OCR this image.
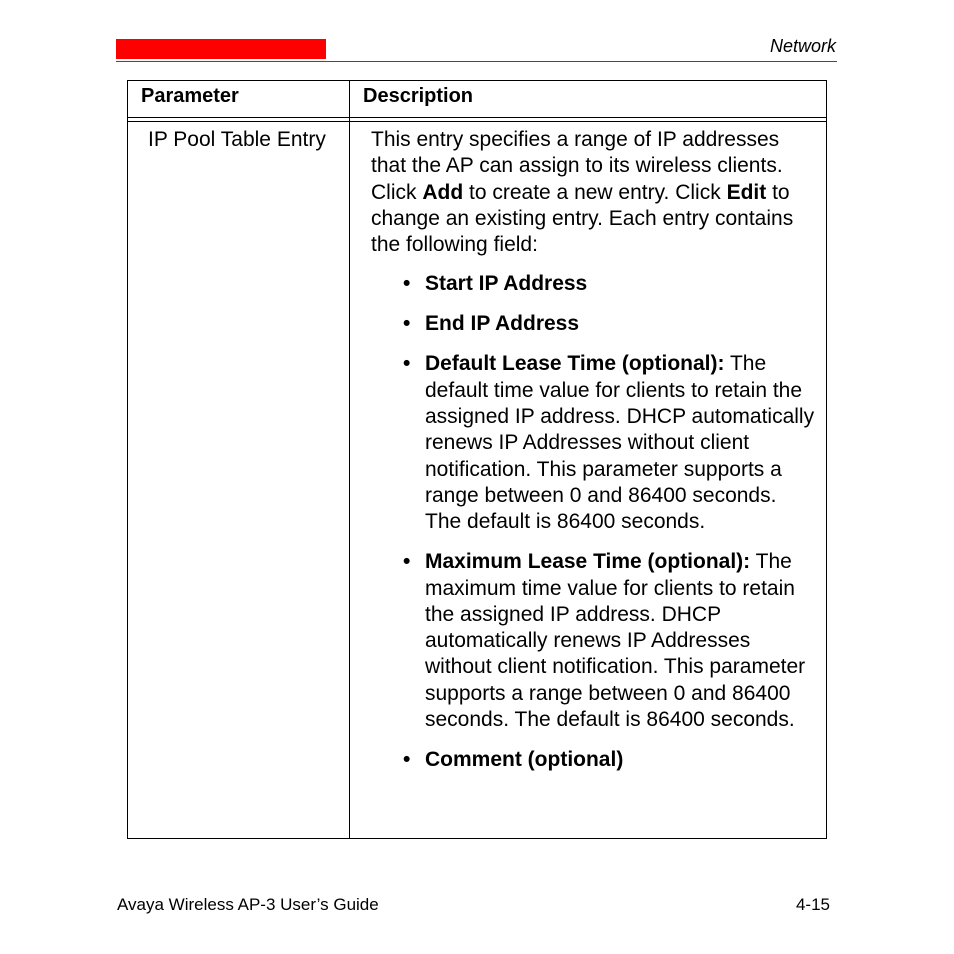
Network
Parameter	Description
IP Pool Table Entry This entry specifies a range of IP addresses that the AP can assign to its wireless clients. Click Add to create a new entry. Click Edit to change an existing entry. Each entry contains the following field:

• Start IP Address
• End IP Address
• Default Lease Time (optional): The default time value for clients to retain the assigned IP address. DHCP automatically renews IP Addresses without client notification. This parameter supports a range between 0 and 86400 seconds. The default is 86400 seconds.
• Maximum Lease Time (optional): The maximum time value for clients to retain the assigned IP address. DHCP automatically renews IP Addresses without client notification. This parameter supports a range between 0 and 86400 seconds. The default is 86400 seconds.
• Comment (optional)
Avaya Wireless AP-3 User’s Guide	4-15
